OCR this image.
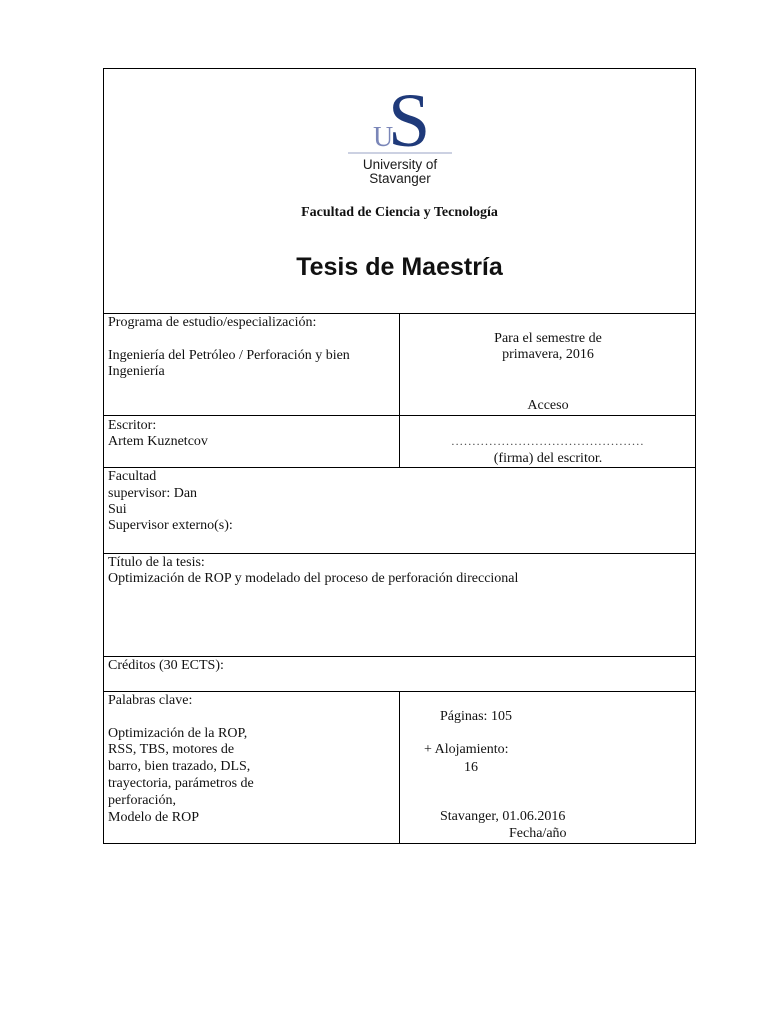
U
S
University of
Stavanger
Facultad de Ciencia y Tecnología
Tesis de Maestría
Programa de estudio/especialización:
Ingeniería del Petróleo / Perforación y bien
Ingeniería
Para el semestre de
primavera, 2016
Acceso
Escritor:
Artem Kuznetcov	..............................................
(firma) del escritor.
Facultad
supervisor: Dan
Sui
Supervisor externo(s):
Título de la tesis:
Optimización de ROP y modelado del proceso de perforación direccional
Créditos (30 ECTS):
Palabras clave:
Optimización de la ROP,
RSS, TBS, motores de
barro, bien trazado, DLS,
trayectoria, parámetros de
perforación,
Modelo de ROP
Páginas: 105
+ Alojamiento:
16
Stavanger, 01.06.2016
Fecha/año
